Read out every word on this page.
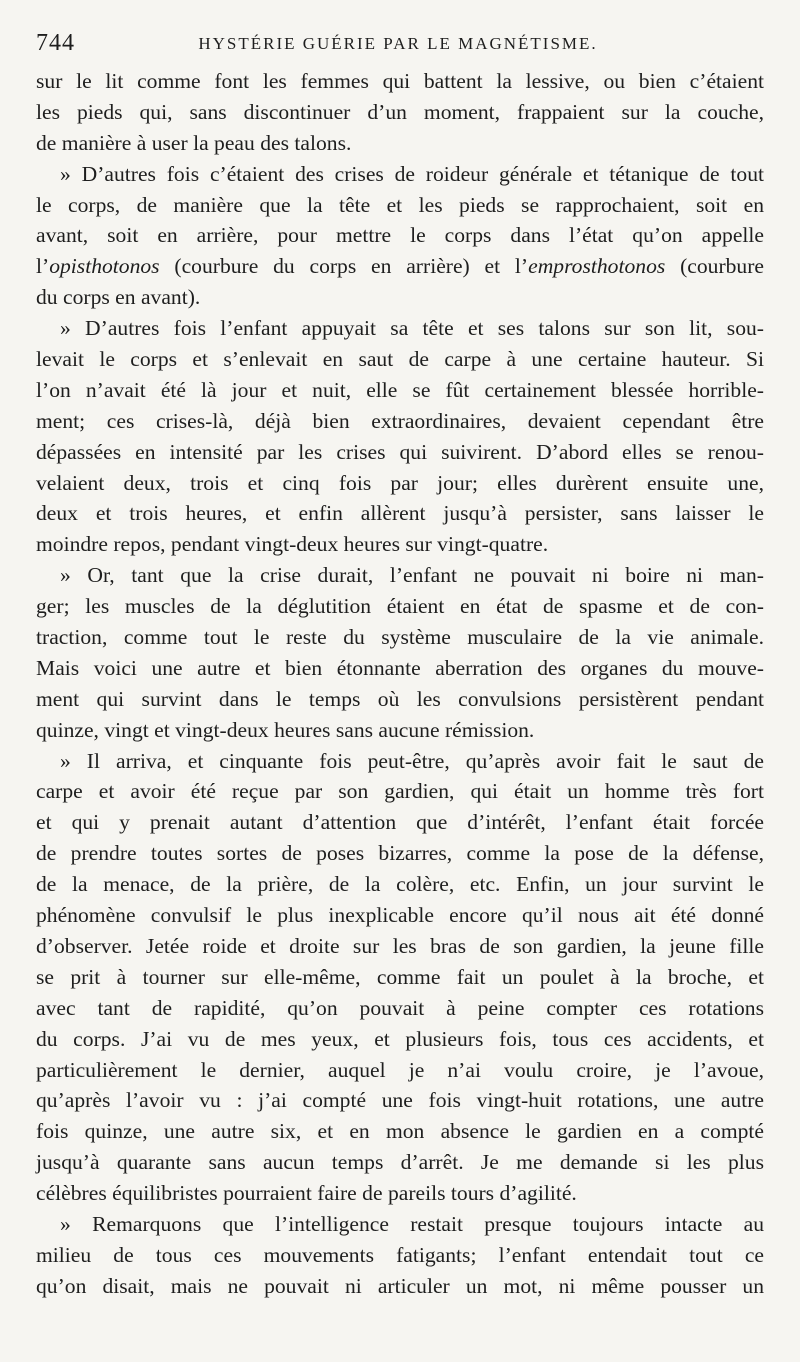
744	HYSTÉRIE GUÉRIE PAR LE MAGNÉTISME.
sur le lit comme font les femmes qui battent la lessive, ou bien c’étaient
les pieds qui, sans discontinuer d’un moment, frappaient sur la couche,
de manière à user la peau des talons.
» D’autres fois c’étaient des crises de roideur générale et tétanique de tout
le corps, de manière que la tête et les pieds se rapprochaient, soit en
avant, soit en arrière, pour mettre le corps dans l’état qu’on appelle
l’opisthotonos (courbure du corps en arrière) et l’emprosthotonos (courbure
du corps en avant).
» D’autres fois l’enfant appuyait sa tête et ses talons sur son lit, sou-
levait le corps et s’enlevait en saut de carpe à une certaine hauteur. Si
l’on n’avait été là jour et nuit, elle se fût certainement blessée horrible-
ment; ces crises-là, déjà bien extraordinaires, devaient cependant être
dépassées en intensité par les crises qui suivirent. D’abord elles se renou-
velaient deux, trois et cinq fois par jour; elles durèrent ensuite une,
deux et trois heures, et enfin allèrent jusqu’à persister, sans laisser le
moindre repos, pendant vingt-deux heures sur vingt-quatre.
» Or, tant que la crise durait, l’enfant ne pouvait ni boire ni man-
ger; les muscles de la déglutition étaient en état de spasme et de con-
traction, comme tout le reste du système musculaire de la vie animale.
Mais voici une autre et bien étonnante aberration des organes du mouve-
ment qui survint dans le temps où les convulsions persistèrent pendant
quinze, vingt et vingt-deux heures sans aucune rémission.
» Il arriva, et cinquante fois peut-être, qu’après avoir fait le saut de
carpe et avoir été reçue par son gardien, qui était un homme très fort
et qui y prenait autant d’attention que d’intérêt, l’enfant était forcée
de prendre toutes sortes de poses bizarres, comme la pose de la défense,
de la menace, de la prière, de la colère, etc. Enfin, un jour survint le
phénomène convulsif le plus inexplicable encore qu’il nous ait été donné
d’observer. Jetée roide et droite sur les bras de son gardien, la jeune fille
se prit à tourner sur elle-même, comme fait un poulet à la broche, et
avec tant de rapidité, qu’on pouvait à peine compter ces rotations
du corps. J’ai vu de mes yeux, et plusieurs fois, tous ces accidents, et
particulièrement le dernier, auquel je n’ai voulu croire, je l’avoue,
qu’après l’avoir vu : j’ai compté une fois vingt-huit rotations, une autre
fois quinze, une autre six, et en mon absence le gardien en a compté
jusqu’à quarante sans aucun temps d’arrêt. Je me demande si les plus
célèbres équilibristes pourraient faire de pareils tours d’agilité.
» Remarquons que l’intelligence restait presque toujours intacte au
milieu de tous ces mouvements fatigants; l’enfant entendait tout ce
qu’on disait, mais ne pouvait ni articuler un mot, ni même pousser un
